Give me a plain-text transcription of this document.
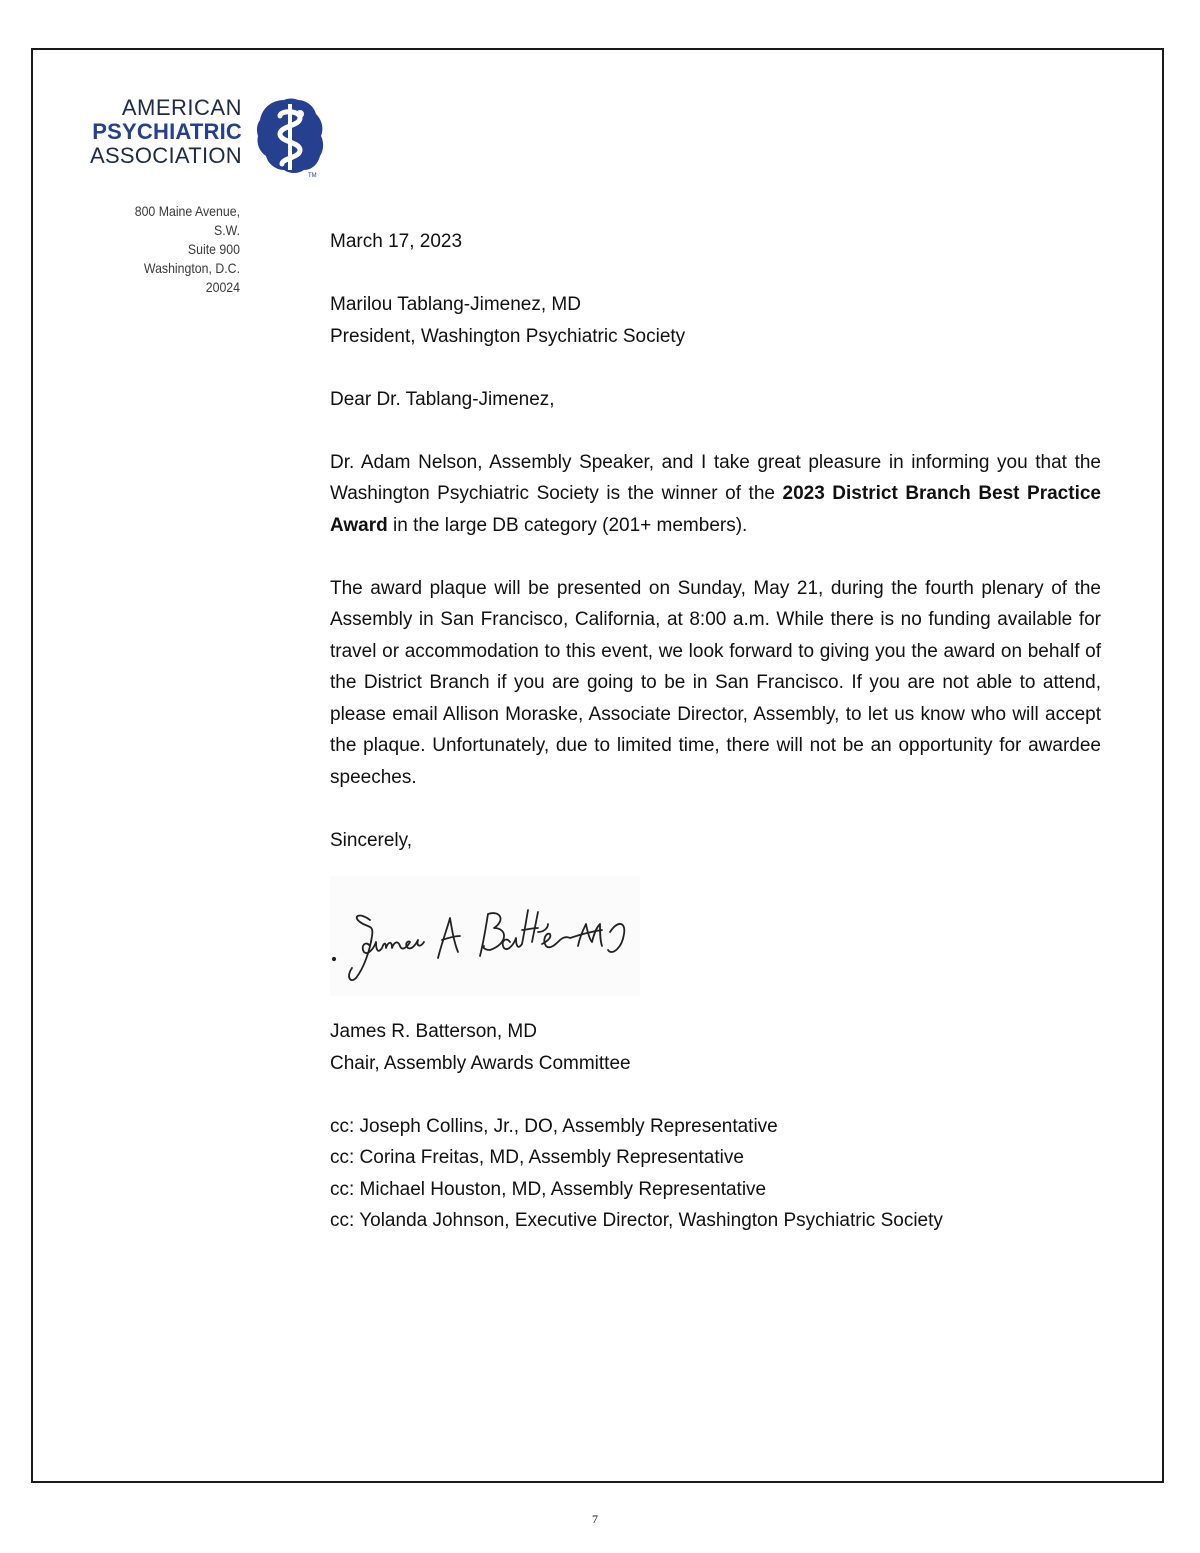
AMERICAN
PSYCHIATRIC
ASSOCIATION
TM
800 Maine Avenue, S.W.
Suite 900
Washington, D.C. 20024

March 17, 2023

Marilou Tablang-Jimenez, MD

President, Washington Psychiatric Society

Dear Dr. Tablang-Jimenez,

Dr. Adam Nelson, Assembly Speaker, and I take great pleasure in informing you that the Washington Psychiatric Society is the winner of the 2023 District Branch Best Practice Award in the large DB category (201+ members).

The award plaque will be presented on Sunday, May 21, during the fourth plenary of the Assembly in San Francisco, California, at 8:00 a.m. While there is no funding available for travel or accommodation to this event, we look forward to giving you the award on behalf of the District Branch if you are going to be in San Francisco. If you are not able to attend, please email Allison Moraske, Associate Director, Assembly, to let us know who will accept the plaque. Unfortunately, due to limited time, there will not be an opportunity for awardee speeches.

Sincerely,

James R. Batterson, MD

Chair, Assembly Awards Committee

cc: Joseph Collins, Jr., DO, Assembly Representative

cc: Corina Freitas, MD, Assembly Representative

cc: Michael Houston, MD, Assembly Representative

cc: Yolanda Johnson, Executive Director, Washington Psychiatric Society

7
